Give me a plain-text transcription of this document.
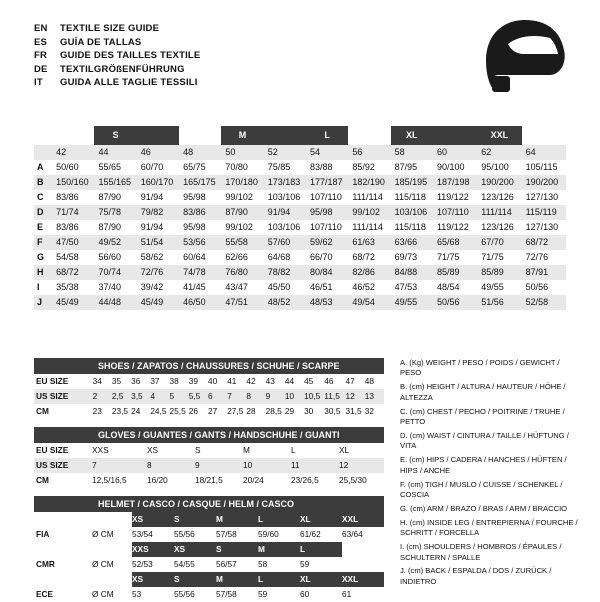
EN	TEXTILE SIZE GUIDE
ES	GUÍA DE TALLAS
FR	GUIDE DES TAILLES TEXTILE
DE	TEXTILGRÖßENFÜHRUNG
IT	GUIDA ALLE TAGLIE TESSILI
		S			M		L		XL		XXL	
	42	44	46	48	50	52	54	56	58	60	62	64
A	50/60	55/65	60/70	65/75	70/80	75/85	83/88	85/92	87/95	90/100	95/100	105/115
B	150/160	155/165	160/170	165/175	170/180	173/183	177/187	182/190	185/195	187/198	190/200	190/200
C	83/86	87/90	91/94	95/98	99/102	103/106	107/110	111/114	115/118	119/122	123/126	127/130
D	71/74	75/78	79/82	83/86	87/90	91/94	95/98	99/102	103/106	107/110	111/114	115/119
E	83/86	87/90	91/94	95/98	99/102	103/106	107/110	111/114	115/118	119/122	123/126	127/130
F	47/50	49/52	51/54	53/56	55/58	57/60	59/62	61/63	63/66	65/68	67/70	68/72
G	54/58	56/60	58/62	60/64	62/66	64/68	66/70	68/72	69/73	71/75	71/75	72/76
H	68/72	70/74	72/76	74/78	76/80	78/82	80/84	82/86	84/88	85/89	85/89	87/91
I	35/38	37/40	39/42	41/45	43/47	45/50	46/51	46/52	47/53	48/54	49/55	50/56
J	45/49	44/48	45/49	46/50	47/51	48/52	48/53	49/54	49/55	50/56	51/56	52/58
SHOES / ZAPATOS / CHAUSSURES / SCHUHE / SCARPE
EU SIZE	34	35	36	37	38	39	40	41	42	43	44	45	46	47	48
US SIZE	2	2,5	3,5	4	5	5,5	6	7	8	9	10	10,5	11,5	12	13
CM	23	23,5	24	24,5	25,5	26	27	27,5	28	28,5	29	30	30,5	31,5	32
GLOVES / GUANTES / GANTS / HANDSCHUHE / GUANTI
EU SIZE	XXS	XS	S	M	L	XL
US SIZE	7	8	9	10	11	12
CM	12,5/16,5	16/20	18/21,5	20/24	23/26,5	25,5/30
HELMET / CASCO / CASQUE / HELM / CASCO
		XS	S	M	L	XL	XXL
FIA	Ø CM	53/54	55/56	57/58	59/60	61/62	63/64
		XXS	XS	S	M	L	
CMR	Ø CM	52/53	54/55	56/57	58	59	
		XS	S	M	L	XL	XXL
ECE	Ø CM	53	55/56	57/58	59	60	61
A. (Kg) WEIGHT / PESO / POIDS / GEWICHT / PESO
B. (cm) HEIGHT / ALTURA / HAUTEUR / HÖHE / ALTEZZA
C. (cm) CHEST / PECHO / POITRINE / TRUHE / PETTO
D. (cm) WAIST / CINTURA / TAILLE / HÜFTUNG / VITA
E. (cm) HIPS / CADERA / HANCHES / HÜFTEN / HIPS / ANCHE
F. (cm) TIGH / MUSLO / CUISSE / SCHENKEL / COSCIA
G. (cm) ARM / BRAZO / BRAS / ARM / BRACCIO
H. (cm) INSIDE LEG / ENTREPIERNA / FOURCHE / SCHRITT / FORCELLA
I. (cm) SHOULDERS / HOMBROS / ÉPAULES / SCHULTERN / SPALLE
J. (cm) BACK / ESPALDA / DOS / ZURÜCK / INDIETRO
